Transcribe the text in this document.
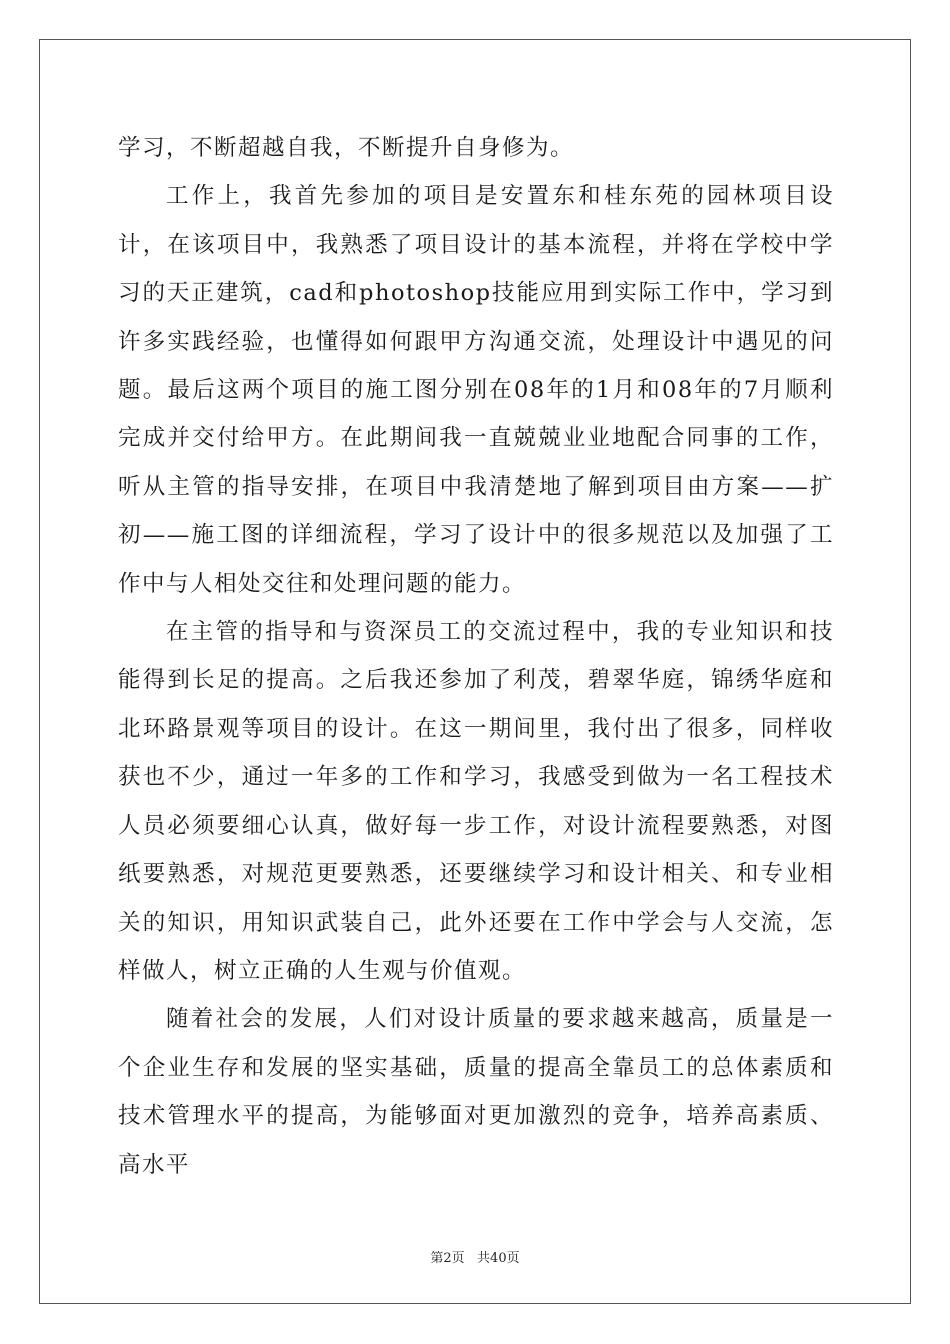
学习，不断超越自我，不断提升自身修为。

工作上，我首先参加的项目是安置东和桂东苑的园林项目设计，在该项目中，我熟悉了项目设计的基本流程，并将在学校中学习的天正建筑，cad和photoshop技能应用到实际工作中，学习到许多实践经验，也懂得如何跟甲方沟通交流，处理设计中遇见的问题。最后这两个项目的施工图分别在08年的1月和08年的7月顺利完成并交付给甲方。在此期间我一直兢兢业业地配合同事的工作，听从主管的指导安排，在项目中我清楚地了解到项目由方案——扩初——施工图的详细流程，学习了设计中的很多规范以及加强了工作中与人相处交往和处理问题的能力。

在主管的指导和与资深员工的交流过程中，我的专业知识和技能得到长足的提高。之后我还参加了利茂，碧翠华庭，锦绣华庭和北环路景观等项目的设计。在这一期间里，我付出了很多，同样收获也不少，通过一年多的工作和学习，我感受到做为一名工程技术人员必须要细心认真，做好每一步工作，对设计流程要熟悉，对图纸要熟悉，对规范更要熟悉，还要继续学习和设计相关、和专业相关的知识，用知识武装自己，此外还要在工作中学会与人交流，怎样做人，树立正确的人生观与价值观。

随着社会的发展，人们对设计质量的要求越来越高，质量是一个企业生存和发展的坚实基础，质量的提高全靠员工的总体素质和技术管理水平的提高，为能够面对更加激烈的竞争，培养高素质、高水平

第2页   共40页
